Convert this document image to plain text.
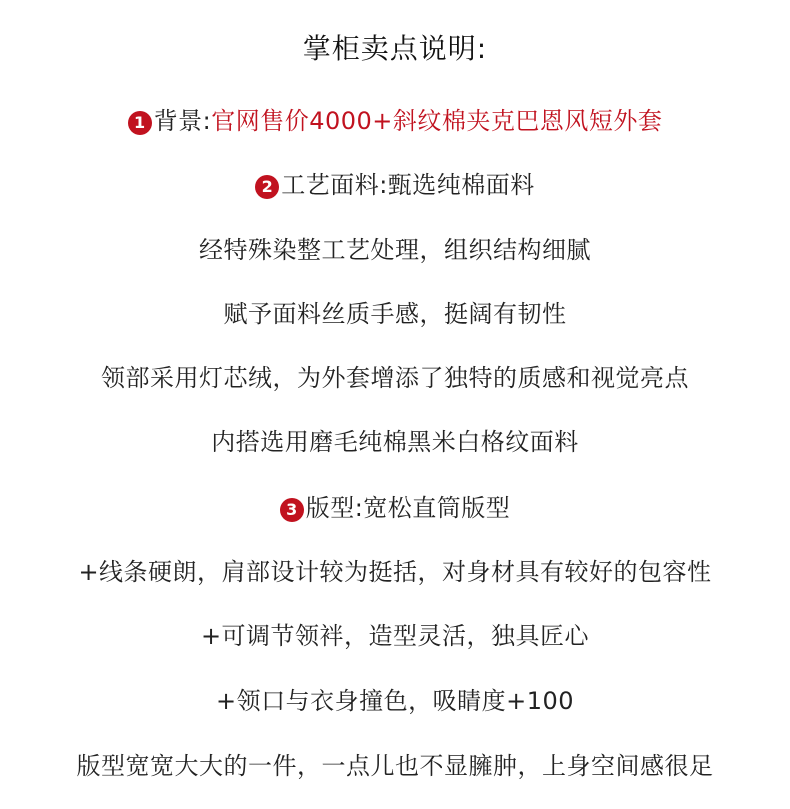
掌柜卖点说明:
1 背景:官网售价4000+斜纹棉夹克巴恩风短外套
2 工艺面料:甄选纯棉面料
经特殊染整工艺处理，组织结构细腻
赋予面料丝质手感，挺阔有韧性
领部采用灯芯绒，为外套增添了独特的质感和视觉亮点
内搭选用磨毛纯棉黑米白格纹面料
3 版型:宽松直筒版型
+线条硬朗，肩部设计较为挺括，对身材具有较好的包容性
+可调节领袢，造型灵活，独具匠心
+领口与衣身撞色，吸睛度+100
版型宽宽大大的一件，一点儿也不显臃肿，上身空间感很足
